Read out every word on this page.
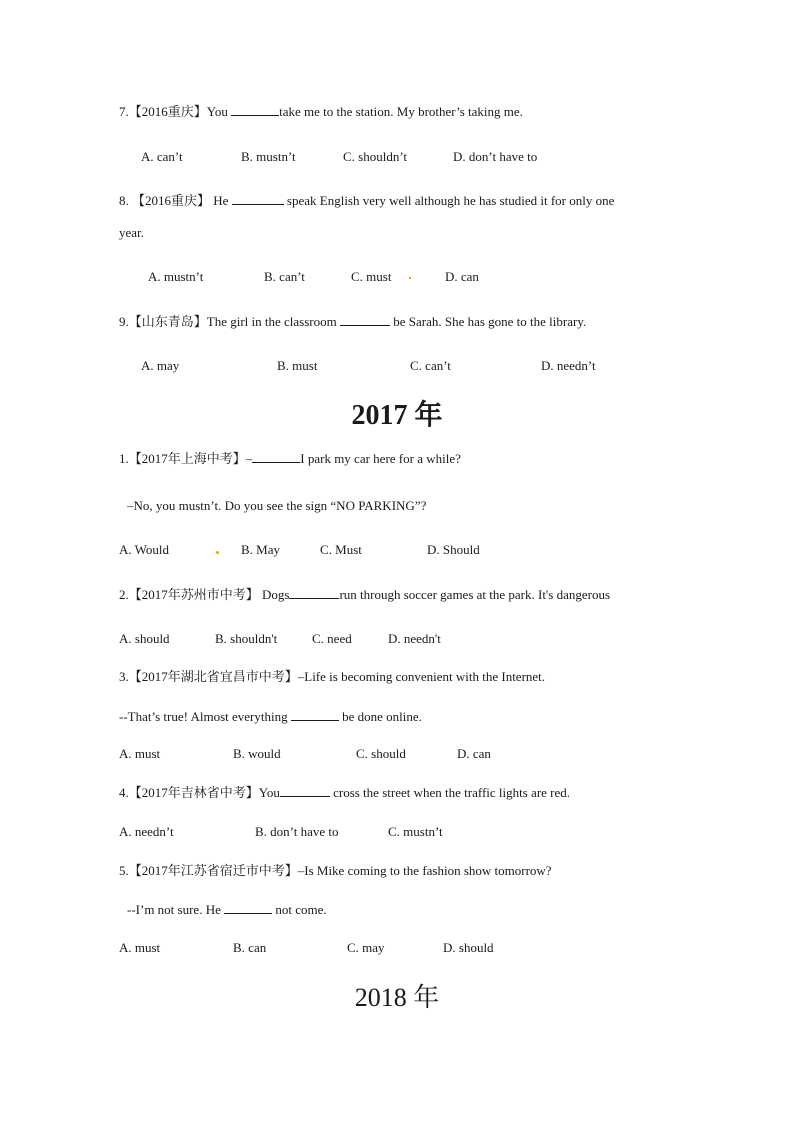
7.【2016重庆】You	take me to the station. My brother’s taking me.
A. can’t	B. mustn’t	C. shouldn’t	D. don’t have to
8. 【2016重庆】 He	speak English very well although he has studied it for only one
year.
A. mustn’t	B. can’t	C. must	D. can
9.【山东青岛】The girl in the classroom	be Sarah. She has gone to the library.
A. may	B. must	C. can’t	D. needn’t
2017 年
1.【2017年上海中考】–	I park my car here for a while?
–No, you mustn’t. Do you see the sign “NO PARKING”?
A. Would	B. May	C. Must	D. Should
2.【2017年苏州市中考】 Dogs	run through soccer games at the park. It's dangerous
A. should	B. shouldn't	C. need	D. needn't
3.【2017年湖北省宜昌市中考】–Life is becoming convenient with the Internet.
--That’s true! Almost everything	be done online.
A. must	B. would	C. should	D. can
4.【2017年吉林省中考】You	cross the street when the traffic lights are red.
A. needn’t	B. don’t have to	C. mustn’t
5.【2017年江苏省宿迁市中考】–Is Mike coming to the fashion show tomorrow?
--I’m not sure. He	not come.
A. must	B. can	C. may	D. should
2018 年
